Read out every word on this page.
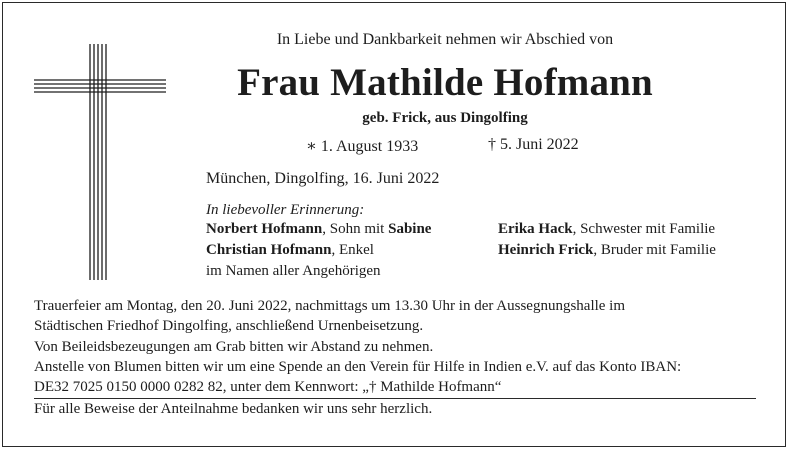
In Liebe und Dankbarkeit nehmen wir Abschied von
Frau Mathilde Hofmann
geb. Frick, aus Dingolfing
∗ 1. August 1933	† 5. Juni 2022
München, Dingolfing, 16. Juni 2022
In liebevoller Erinnerung:
Norbert Hofmann, Sohn mit Sabine
Christian Hofmann, Enkel
im Namen aller Angehörigen
Erika Hack, Schwester mit Familie
Heinrich Frick, Bruder mit Familie
Trauerfeier am Montag, den 20. Juni 2022, nachmittags um 13.30 Uhr in der Aussegnungshalle im
Städtischen Friedhof Dingolfing, anschließend Urnenbeisetzung.
Von Beileidsbezeugungen am Grab bitten wir Abstand zu nehmen.
Anstelle von Blumen bitten wir um eine Spende an den Verein für Hilfe in Indien e.V. auf das Konto IBAN:
DE32 7025 0150 0000 0282 82, unter dem Kennwort: „† Mathilde Hofmann“
Für alle Beweise der Anteilnahme bedanken wir uns sehr herzlich.
